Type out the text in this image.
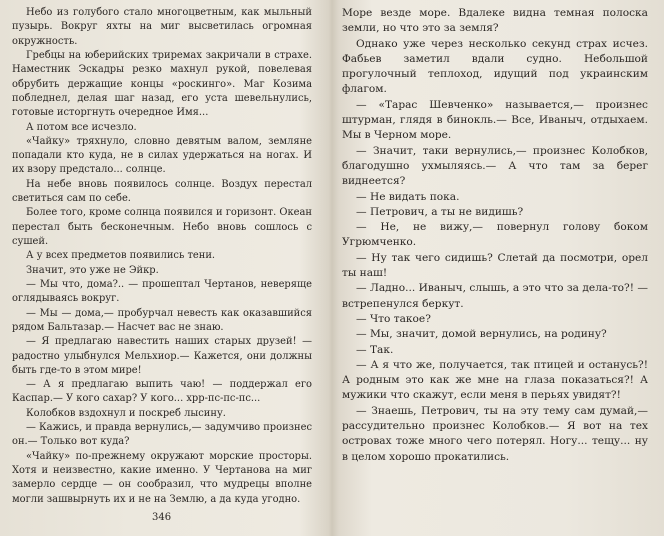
Небо из голубого стало многоцветным, как мыльный пузырь. Вокруг яхты на миг высветилась огромная окружность.

Гребцы на юберийских триремах закричали в страхе. Наместник Эскадры резко махнул рукой, повелевая обрубить держащие концы «роскинго». Маг Козима побледнел, делая шаг назад, его уста шевельнулись, готовые исторгнуть очередное Имя...

А потом все исчезло.

«Чайку» тряхнуло, словно девятым валом, земляне попадали кто куда, не в силах удержаться на ногах. И их взору предстало... солнце.

На небе вновь появилось солнце. Воздух перестал светиться сам по себе.

Более того, кроме солнца появился и горизонт. Океан перестал быть бесконечным. Небо вновь сошлось с сушей.

А у всех предметов появились тени.

Значит, это уже не Эйкр.

— Мы что, дома?.. — прошептал Чертанов, неверяще оглядываясь вокруг.

— Мы — дома,— пробурчал невесть как оказавшийся рядом Бальтазар.— Насчет вас не знаю.

— Я предлагаю навестить наших старых друзей! — радостно улыбнулся Мельхиор.— Кажется, они должны быть где-то в этом мире!

— А я предлагаю выпить чаю! — поддержал его Каспар.— У кого сахар? У кого... хрр-пс-пс-пс...

Колобков вздохнул и поскреб лысину.

— Кажись, и правда вернулись,— задумчиво произнес он.— Только вот куда?

«Чайку» по-прежнему окружают морские просторы. Хотя и неизвестно, какие именно. У Чертанова на миг замерло сердце — он сообразил, что мудрецы вполне могли зашвырнуть их и не на Землю, а да куда угодно.

346

Море везде море. Вдалеке видна темная полоска земли, но что это за земля?

Однако уже через несколько секунд страх исчез. Фабьев заметил вдали судно. Небольшой прогулочный теплоход, идущий под украинским флагом.

— «Тарас Шевченко» называется,— произнес штурман, глядя в бинокль.— Все, Иваныч, отдыхаем. Мы в Черном море.

— Значит, таки вернулись,— произнес Колобков, благодушно ухмыляясь.— А что там за берег виднеется?

— Не видать пока.

— Петрович, а ты не видишь?

— Не, не вижу,— повернул голову боком Угрюмченко.

— Ну так чего сидишь? Слетай да посмотри, орел ты наш!

— Ладно... Иваныч, слышь, а это что за дела-то?! — встрепенулся беркут.

— Что такое?

— Мы, значит, домой вернулись, на родину?

— Так.

— А я что же, получается, так птицей и останусь?! А родным это как же мне на глаза показаться?! А мужики что скажут, если меня в перьях увидят?!

— Знаешь, Петрович, ты на эту тему сам думай,— рассудительно произнес Колобков.— Я вот на тех островах тоже много чего потерял. Ногу... тещу... ну в целом хорошо прокатились.
